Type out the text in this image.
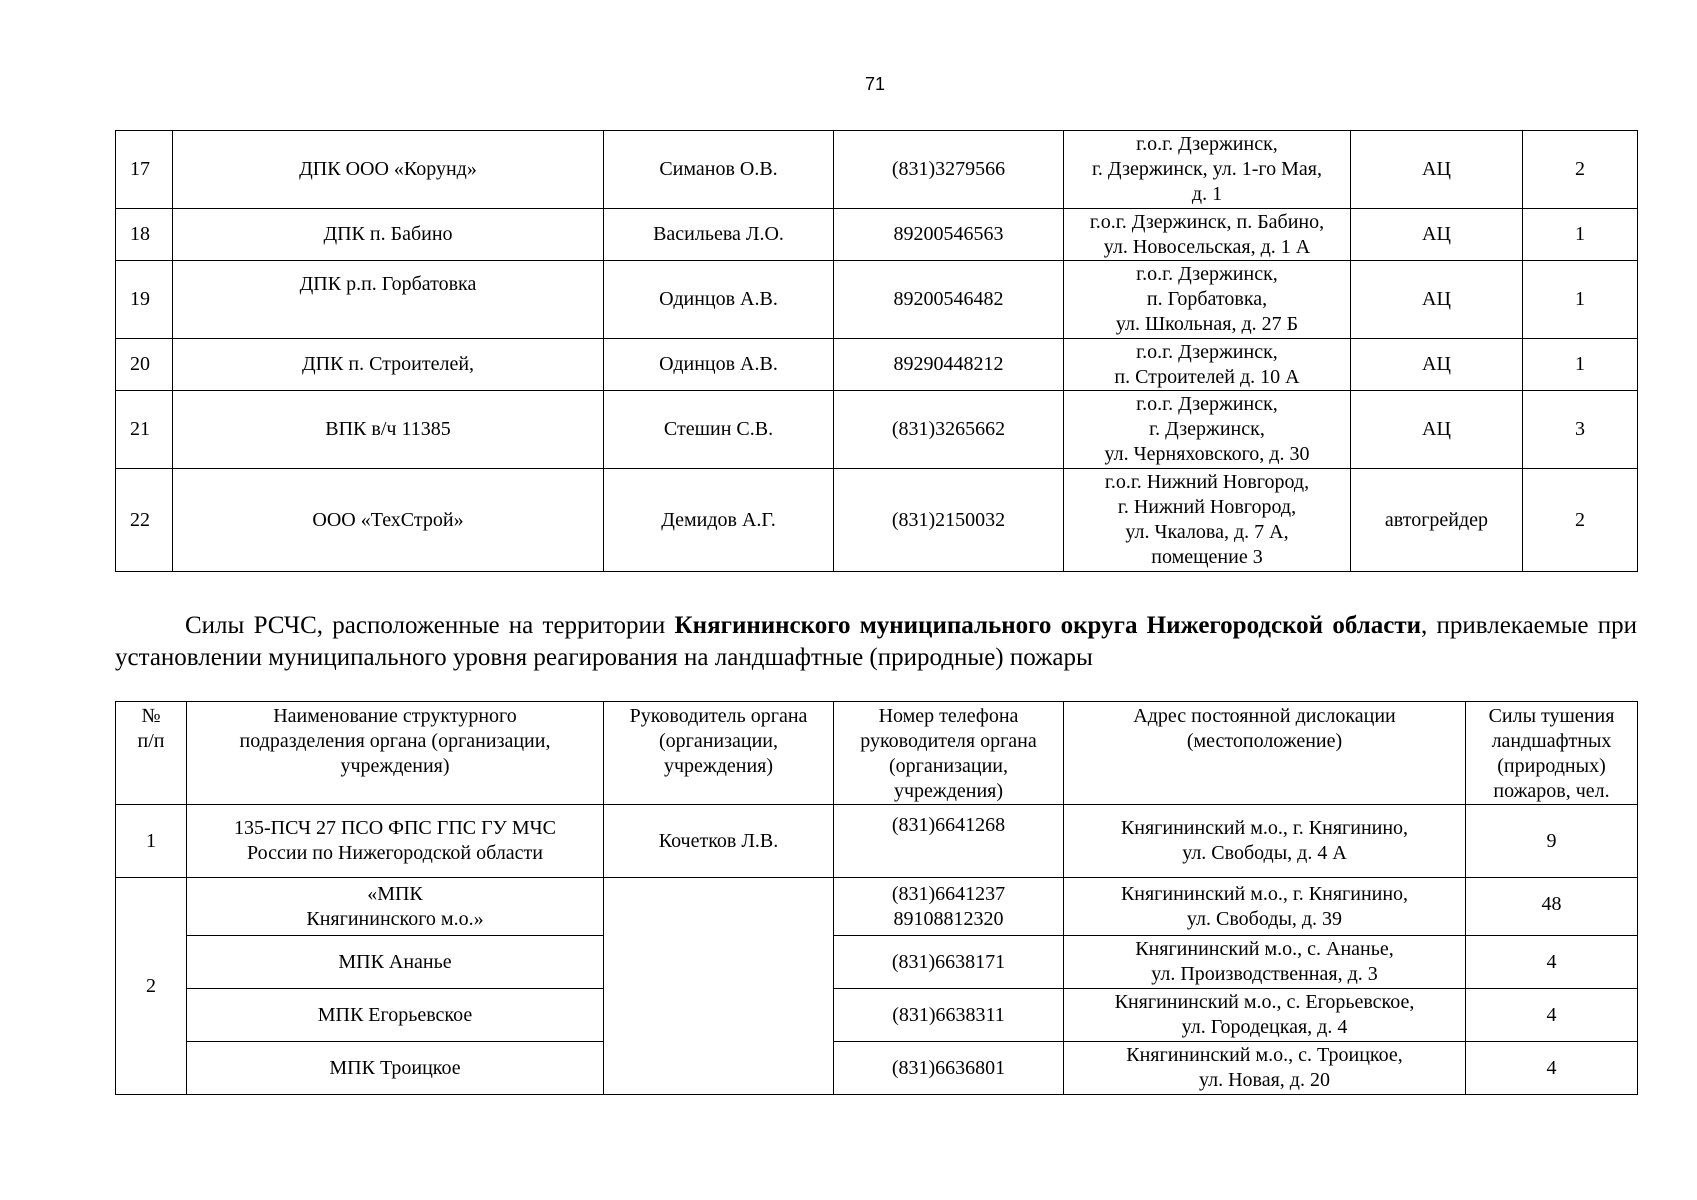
71
17	ДПК ООО «Корунд»	Симанов О.В.	(831)3279566	г.о.г. Дзержинск,
г. Дзержинск, ул. 1-го Мая,
д. 1	АЦ	2
18	ДПК п. Бабино	Васильева Л.О.	89200546563	г.о.г. Дзержинск, п. Бабино,
ул. Новосельская, д. 1 А	АЦ	1
19	ДПК р.п. Горбатовка	Одинцов А.В.	89200546482	г.о.г. Дзержинск,
п. Горбатовка,
ул. Школьная, д. 27 Б	АЦ	1
20	ДПК п. Строителей,	Одинцов А.В.	89290448212	г.о.г. Дзержинск,
п. Строителей д. 10 А	АЦ	1
21	ВПК в/ч 11385	Стешин С.В.	(831)3265662	г.о.г. Дзержинск,
г. Дзержинск,
ул. Черняховского, д. 30	АЦ	3
22	ООО «ТехСтрой»	Демидов А.Г.	(831)2150032	г.о.г. Нижний Новгород,
г. Нижний Новгород,
ул. Чкалова, д. 7 А,
помещение 3	автогрейдер	2
Силы РСЧС, расположенные на территории Княгининского муниципального округа Нижегородской области, привлекаемые при установлении муниципального уровня реагирования на ландшафтные (природные) пожары
№
п/п	Наименование структурного
подразделения органа (организации,
учреждения)	Руководитель органа
(организации,
учреждения)	Номер телефона
руководителя органа
(организации,
учреждения)	Адрес постоянной дислокации
(местоположение)	Силы тушения
ландшафтных
(природных)
пожаров, чел.
1	135-ПСЧ 27 ПСО ФПС ГПС ГУ МЧС
России по Нижегородской области	Кочетков Л.В.	(831)6641268	Княгининский м.о., г. Княгинино,
ул. Свободы, д. 4 А	9
2	«МПК
Княгининского м.о.»		(831)6641237
89108812320	Княгининский м.о., г. Княгинино,
ул. Свободы, д. 39	48
	МПК Ананье		(831)6638171	Княгининский м.о., с. Ананье,
ул. Производственная, д. 3	4
	МПК Егорьевское		(831)6638311	Княгининский м.о., с. Егорьевское,
ул. Городецкая, д. 4	4
	МПК Троицкое		(831)6636801	Княгининский м.о., с. Троицкое,
ул. Новая, д. 20	4
